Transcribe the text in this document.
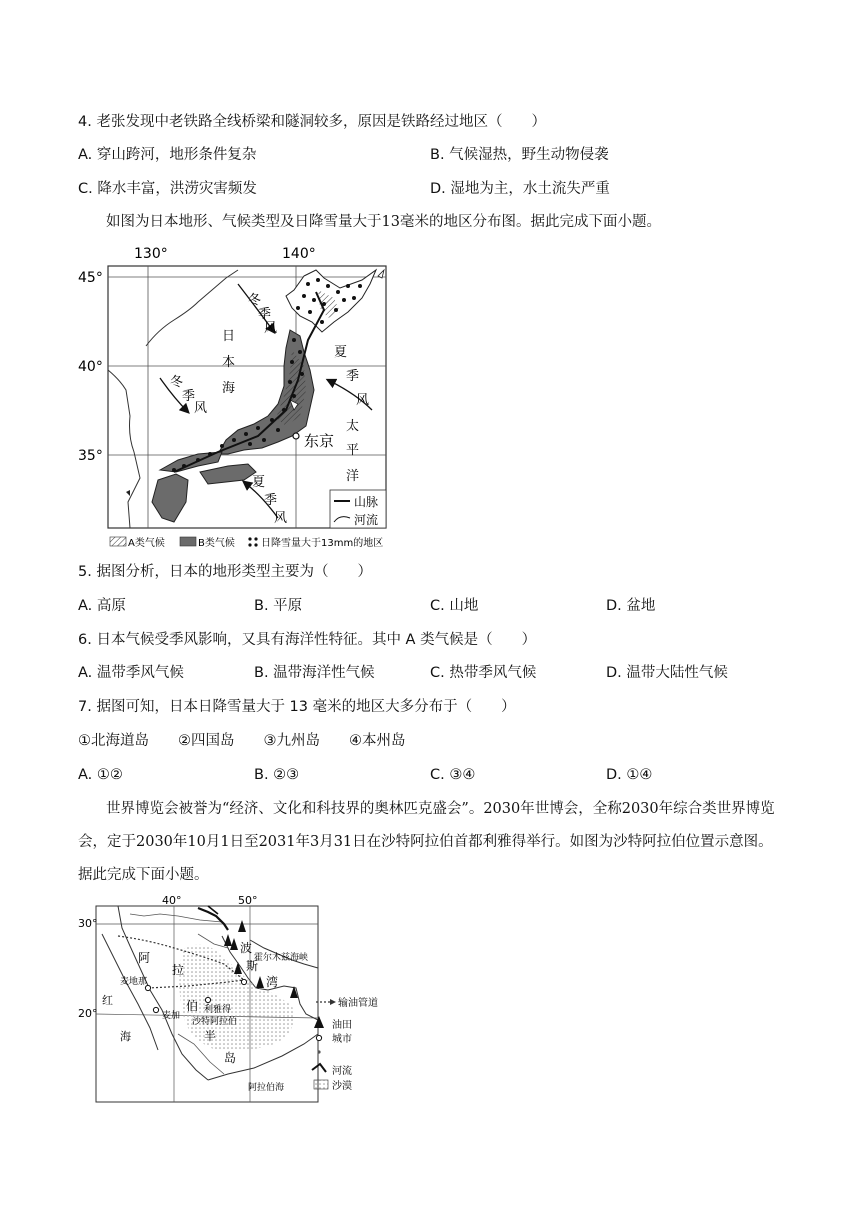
4. 老张发现中老铁路全线桥梁和隧洞较多，原因是铁路经过地区（　　）
A. 穿山跨河，地形条件复杂	B. 气候湿热，野生动物侵袭
C. 降水丰富，洪涝灾害频发	D. 湿地为主，水土流失严重
如图为日本地形、气候类型及日降雪量大于13毫米的地区分布图。据此完成下面小题。
130°	140°
45°
40°
35°
东京
日
本
海
冬
季
风
冬
季
风
夏
季
风
太
平
洋
夏
季
风
山脉
河流
A类气候	B类气候	日降雪量大于13mm的地区
5. 据图分析，日本的地形类型主要为（　　）
A. 高原	B. 平原	C. 山地	D. 盆地
6. 日本气候受季风影响，又具有海洋性特征。其中 A 类气候是（　　）
A. 温带季风气候	B. 温带海洋性气候	C. 热带季风气候	D. 温带大陆性气候
7. 据图可知，日本日降雪量大于 13 毫米的地区大多分布于（　　）
①北海道岛　　②四国岛　　③九州岛　　④本州岛
A. ①②	B. ②③	C. ③④	D. ①④
世界博览会被誉为“经济、文化和科技界的奥林匹克盛会”。2030年世博会，全称2030年综合类世界博览会，定于2030年10月1日至2031年3月31日在沙特阿拉伯首都利雅得举行。如图为沙特阿拉伯位置示意图。据此完成下面小题。
40°	50°
30°
20°
阿
拉
伯
半
岛
波
斯
湾
红
海
霍尔木兹海峡
麦地那
麦加
利雅得
沙特阿拉伯
阿拉伯海
输油管道
油田
城市
河流
沙漠
